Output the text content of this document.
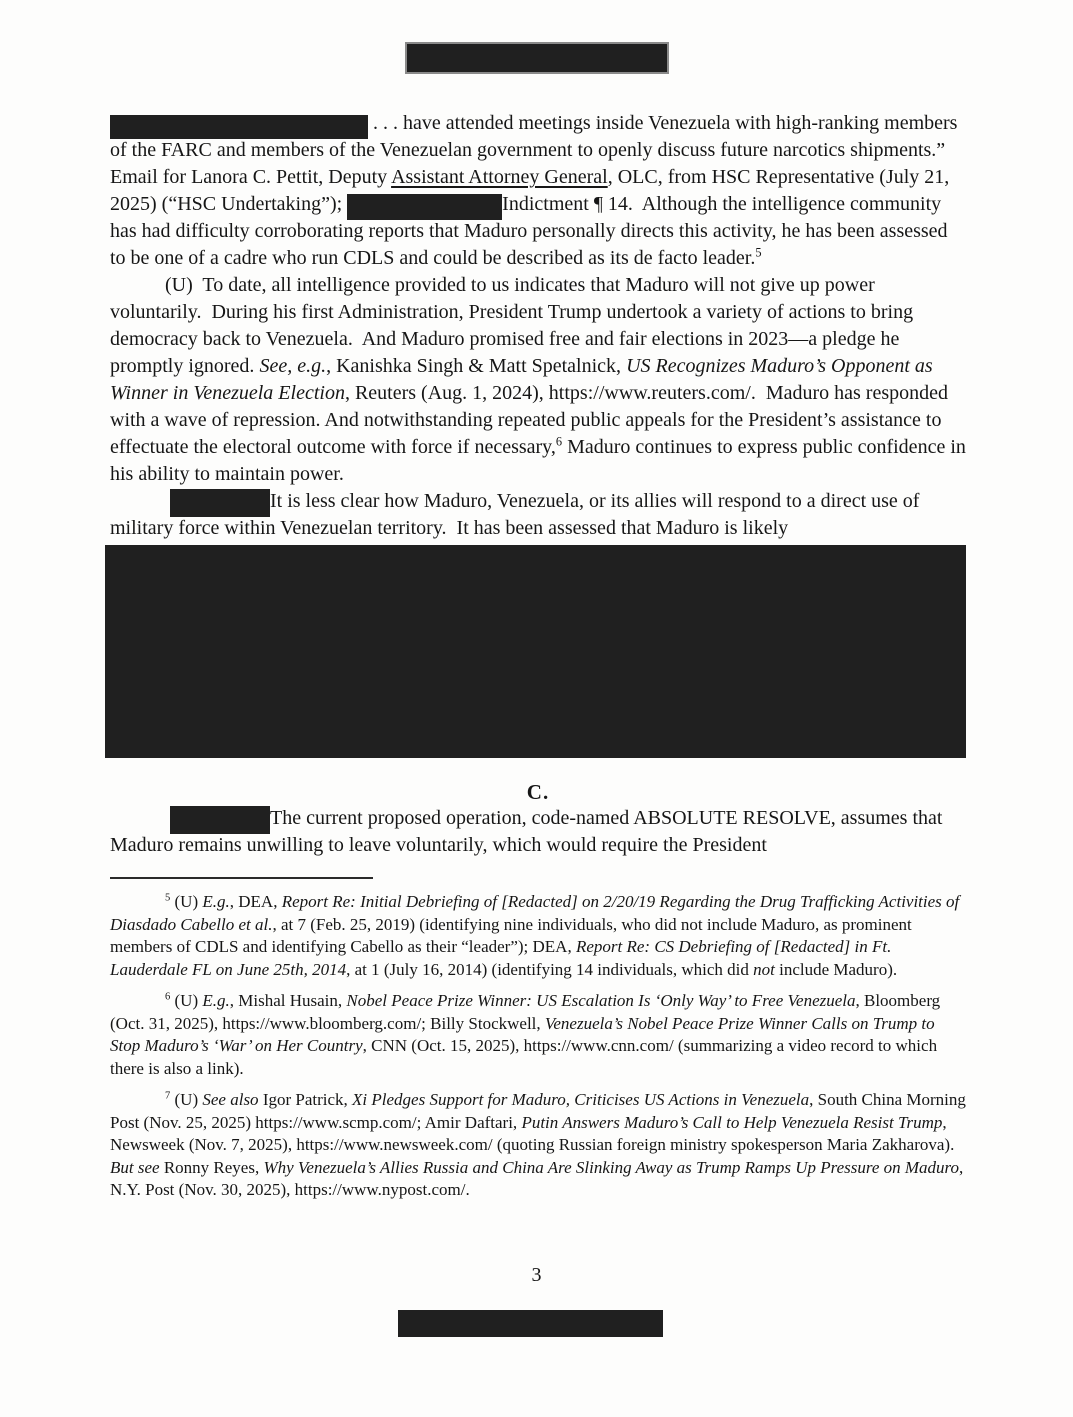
. . . have attended meetings inside Venezuela with high-ranking members of the FARC and members of the Venezuelan government to openly discuss future narcotics shipments.”  Email for Lanora C. Pettit, Deputy Assistant Attorney General, OLC, from HSC Representative (July 21, 2025) (“HSC Undertaking”);	Indictment ¶ 14.  Although the intelligence community has had difficulty corroborating reports that Maduro personally directs this activity, he has been assessed to be one of a cadre who run CDLS and could be described as its de facto leader.$^5$

(U)  To date, all intelligence provided to us indicates that Maduro will not give up power voluntarily.  During his first Administration, President Trump undertook a variety of actions to bring democracy back to Venezuela.  And Maduro promised free and fair elections in 2023—a pledge he promptly ignored. See, e.g., Kanishka Singh & Matt Spetalnick, US Recognizes Maduro’s Opponent as Winner in Venezuela Election, Reuters (Aug. 1, 2024), https://www.reuters.com/.  Maduro has responded with a wave of repression. And notwithstanding repeated public appeals for the President’s assistance to effectuate the electoral outcome with force if necessary,$^6$ Maduro continues to express public confidence in his ability to maintain power.

It is less clear how Maduro, Venezuela, or its allies will respond to a direct use of military force within Venezuelan territory.  It has been assessed that Maduro is likely

C.

The current proposed operation, code-named ABSOLUTE RESOLVE, assumes that Maduro remains unwilling to leave voluntarily, which would require the President

$^5$ (U) E.g., DEA, Report Re: Initial Debriefing of [Redacted] on 2/20/19 Regarding the Drug Trafficking Activities of Diasdado Cabello et al., at 7 (Feb. 25, 2019) (identifying nine individuals, who did not include Maduro, as prominent members of CDLS and identifying Cabello as their “leader”); DEA, Report Re: CS Debriefing of [Redacted] in Ft. Lauderdale FL on June 25th, 2014, at 1 (July 16, 2014) (identifying 14 individuals, which did not include Maduro).

$^6$ (U) E.g., Mishal Husain, Nobel Peace Prize Winner: US Escalation Is ‘Only Way’ to Free Venezuela, Bloomberg (Oct. 31, 2025), https://www.bloomberg.com/; Billy Stockwell, Venezuela’s Nobel Peace Prize Winner Calls on Trump to Stop Maduro’s ‘War’ on Her Country, CNN (Oct. 15, 2025), https://www.cnn.com/ (summarizing a video record to which there is also a link).

$^7$ (U) See also Igor Patrick, Xi Pledges Support for Maduro, Criticises US Actions in Venezuela, South China Morning Post (Nov. 25, 2025) https://www.scmp.com/; Amir Daftari, Putin Answers Maduro’s Call to Help Venezuela Resist Trump, Newsweek (Nov. 7, 2025), https://www.newsweek.com/ (quoting Russian foreign ministry spokesperson Maria Zakharova).  But see Ronny Reyes, Why Venezuela’s Allies Russia and China Are Slinking Away as Trump Ramps Up Pressure on Maduro, N.Y. Post (Nov. 30, 2025), https://www.nypost.com/.

3
